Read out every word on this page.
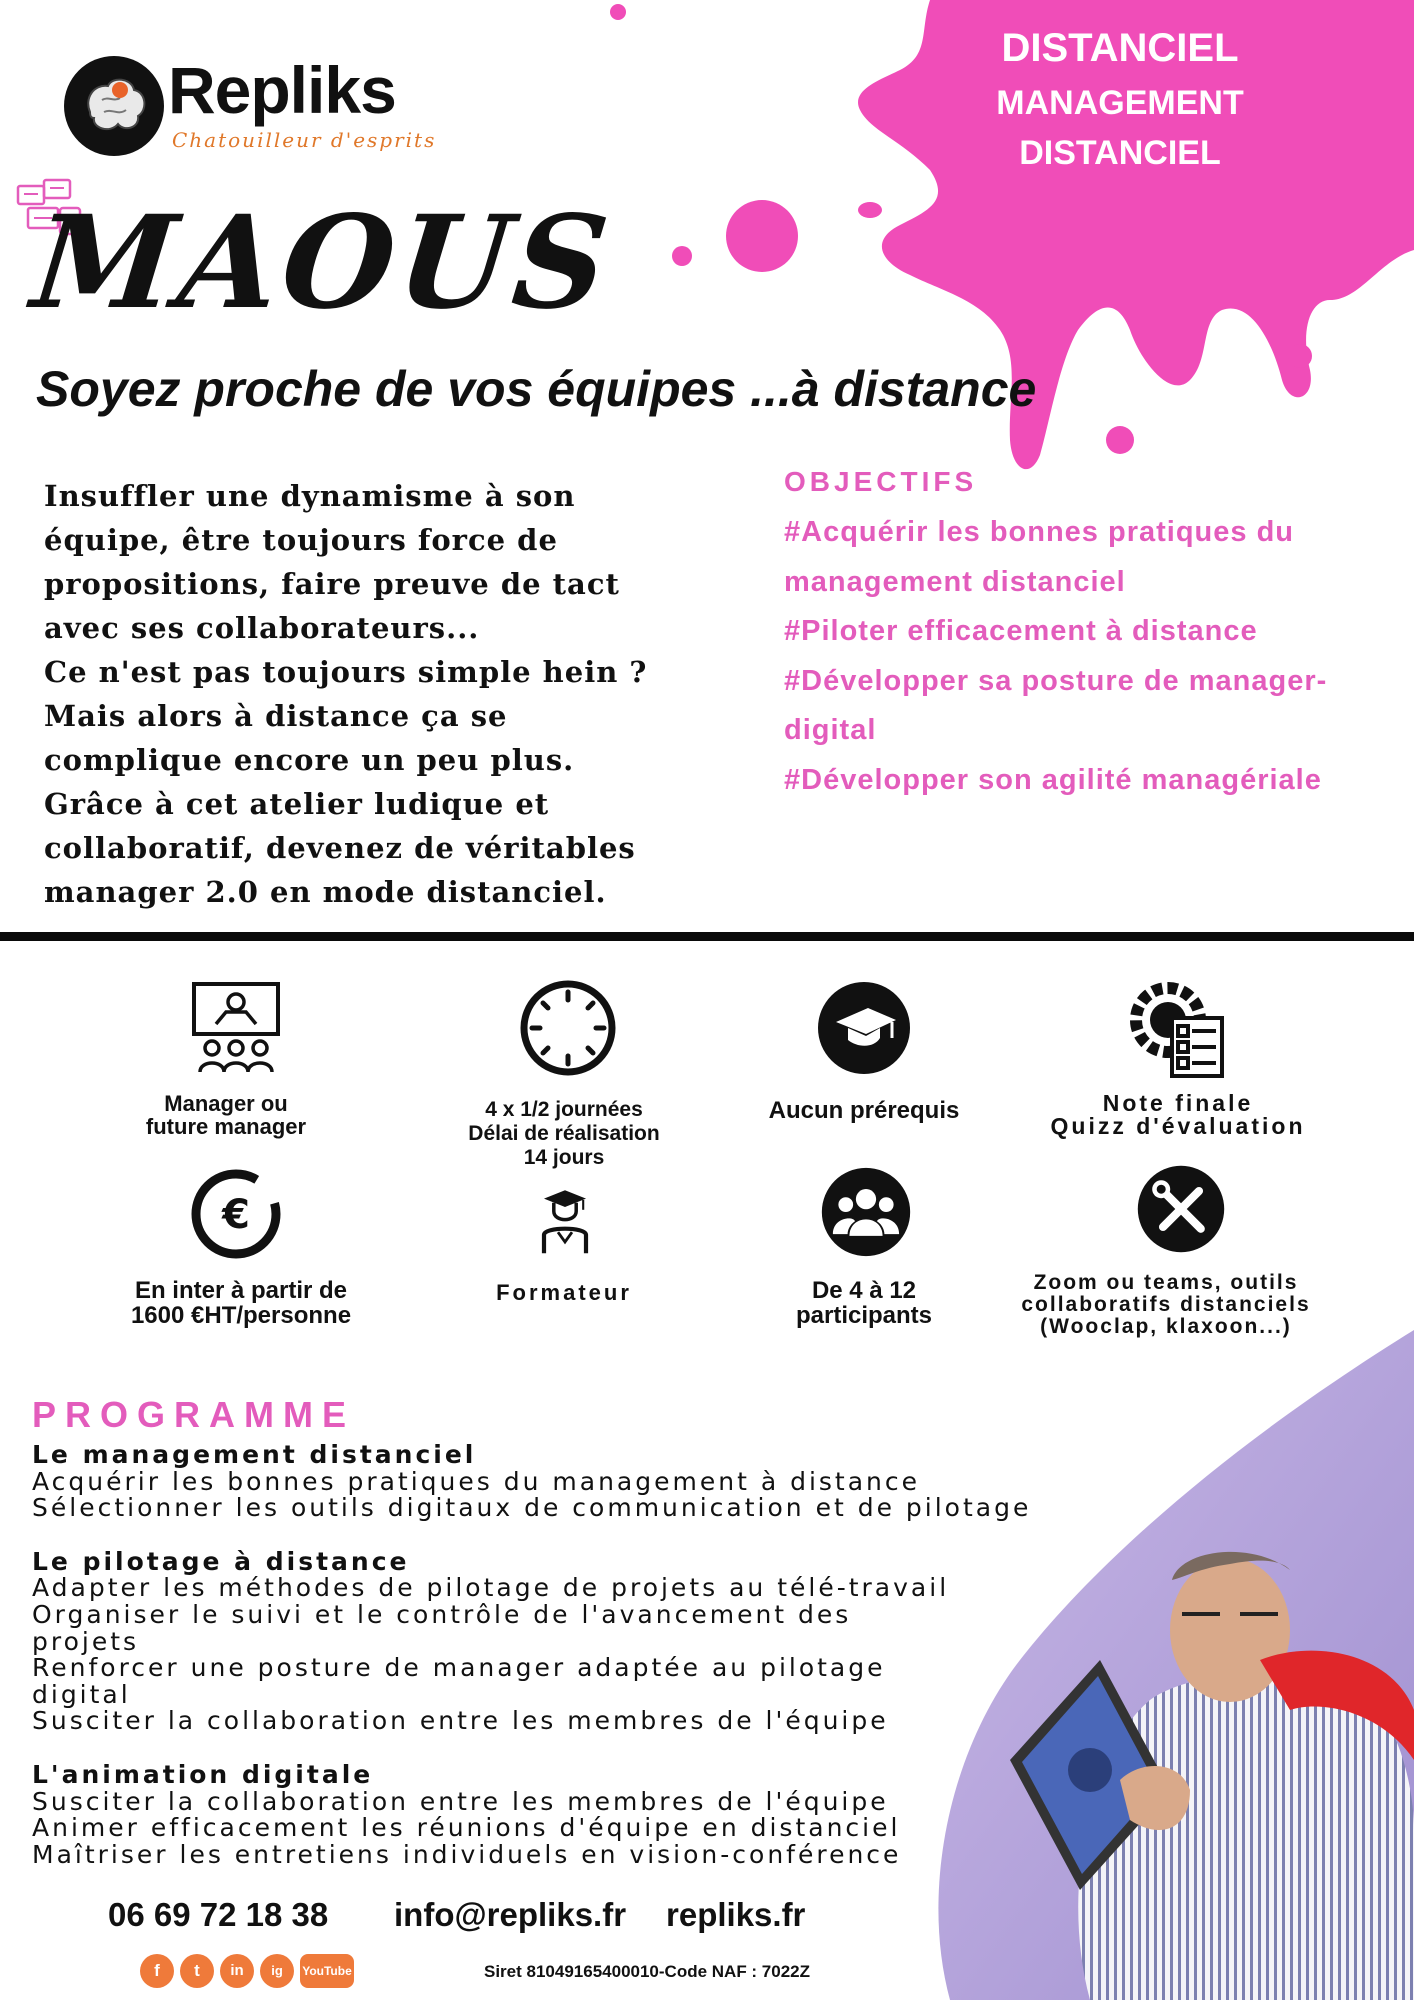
DISTANCIEL
MANAGEMENT
DISTANCIEL
Repliks
Chatouilleur d'esprits
MAOUS
Soyez proche de vos équipes ...à distance
Insuffler une dynamisme à son
équipe, être toujours force de
propositions, faire preuve de tact
avec ses collaborateurs...
Ce n'est pas toujours simple hein ?
Mais alors à distance ça se
complique encore un peu plus.
Grâce à cet atelier ludique et
collaboratif, devenez de véritables
manager 2.0 en mode distanciel.
OBJECTIFS
#Acquérir les bonnes pratiques du
management distanciel
#Piloter efficacement à distance
#Développer sa posture de manager-
digital
#Développer son agilité managériale
Manager ou
future manager
4 x 1/2 journées
Délai de réalisation
14 jours
Aucun prérequis	Note finale
Quizz d'évaluation
€
En inter à partir de
1600 €HT/personne
Formateur	De 4 à 12
participants
Zoom ou teams, outils
collaboratifs distanciels
(Wooclap, klaxoon...)
PROGRAMME
Le management distanciel
Acquérir les bonnes pratiques du management à distance
Sélectionner les outils digitaux de communication et de pilotage
Le pilotage à distance
Adapter les méthodes de pilotage de projets au télé-travail
Organiser le suivi et le contrôle de l'avancement des
projets
Renforcer une posture de manager adaptée au pilotage
digital
Susciter la collaboration entre les membres de l'équipe
L'animation digitale
Susciter la collaboration entre les membres de l'équipe
Animer efficacement les réunions d'équipe en distanciel
Maîtriser les entretiens individuels en vision-conférence
06 69 72 18 38 info@repliks.fr repliks.fr
f	t	in	ig	YouTube	Siret 81049165400010-Code NAF : 7022Z
